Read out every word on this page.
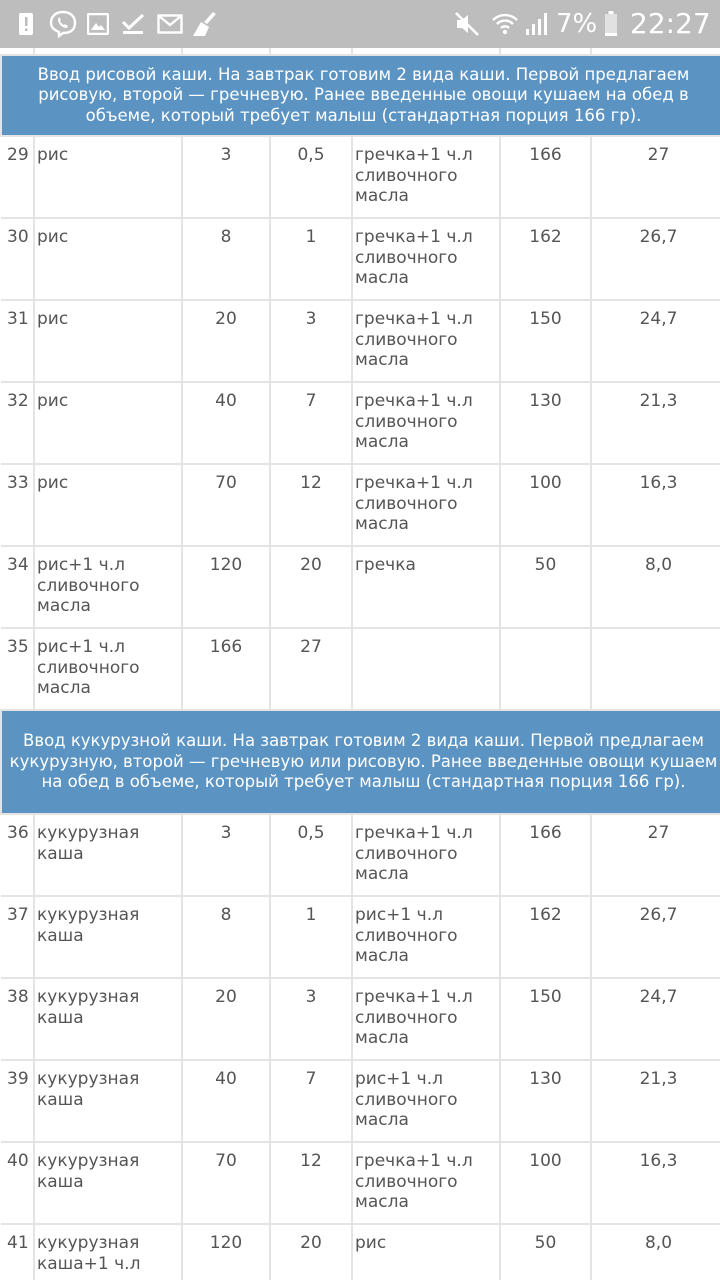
7% 22:27

Ввод рисовой каши. На завтрак готовим 2 вида каши. Первой предлагаем рисовую, второй — гречневую. Ранее введенные овощи кушаем на обед в объеме, который требует малыш (стандартная порция 166 гр).						
29	рис	3	0,5	гречка+1 ч.л сливочного масла	166	27
30	рис	8	1	гречка+1 ч.л сливочного масла	162	26,7
31	рис	20	3	гречка+1 ч.л сливочного масла	150	24,7
32	рис	40	7	гречка+1 ч.л сливочного масла	130	21,3
33	рис	70	12	гречка+1 ч.л сливочного масла	100	16,3
34	рис+1 ч.л сливочного масла	120	20	гречка	50	8,0
35	рис+1 ч.л сливочного масла	166	27			
Ввод кукурузной каши. На завтрак готовим 2 вида каши. Первой предлагаем кукурузную, второй — гречневую или рисовую. Ранее введенные овощи кушаем на обед в объеме, который требует малыш (стандартная порция 166 гр).						
36	кукурузная каша	3	0,5	гречка+1 ч.л сливочного масла	166	27
37	кукурузная каша	8	1	рис+1 ч.л сливочного масла	162	26,7
38	кукурузная каша	20	3	гречка+1 ч.л сливочного масла	150	24,7
39	кукурузная каша	40	7	рис+1 ч.л сливочного масла	130	21,3
40	кукурузная каша	70	12	гречка+1 ч.л сливочного масла	100	16,3
41	кукурузная каша+1 ч.л	120	20	рис	50	8,0
